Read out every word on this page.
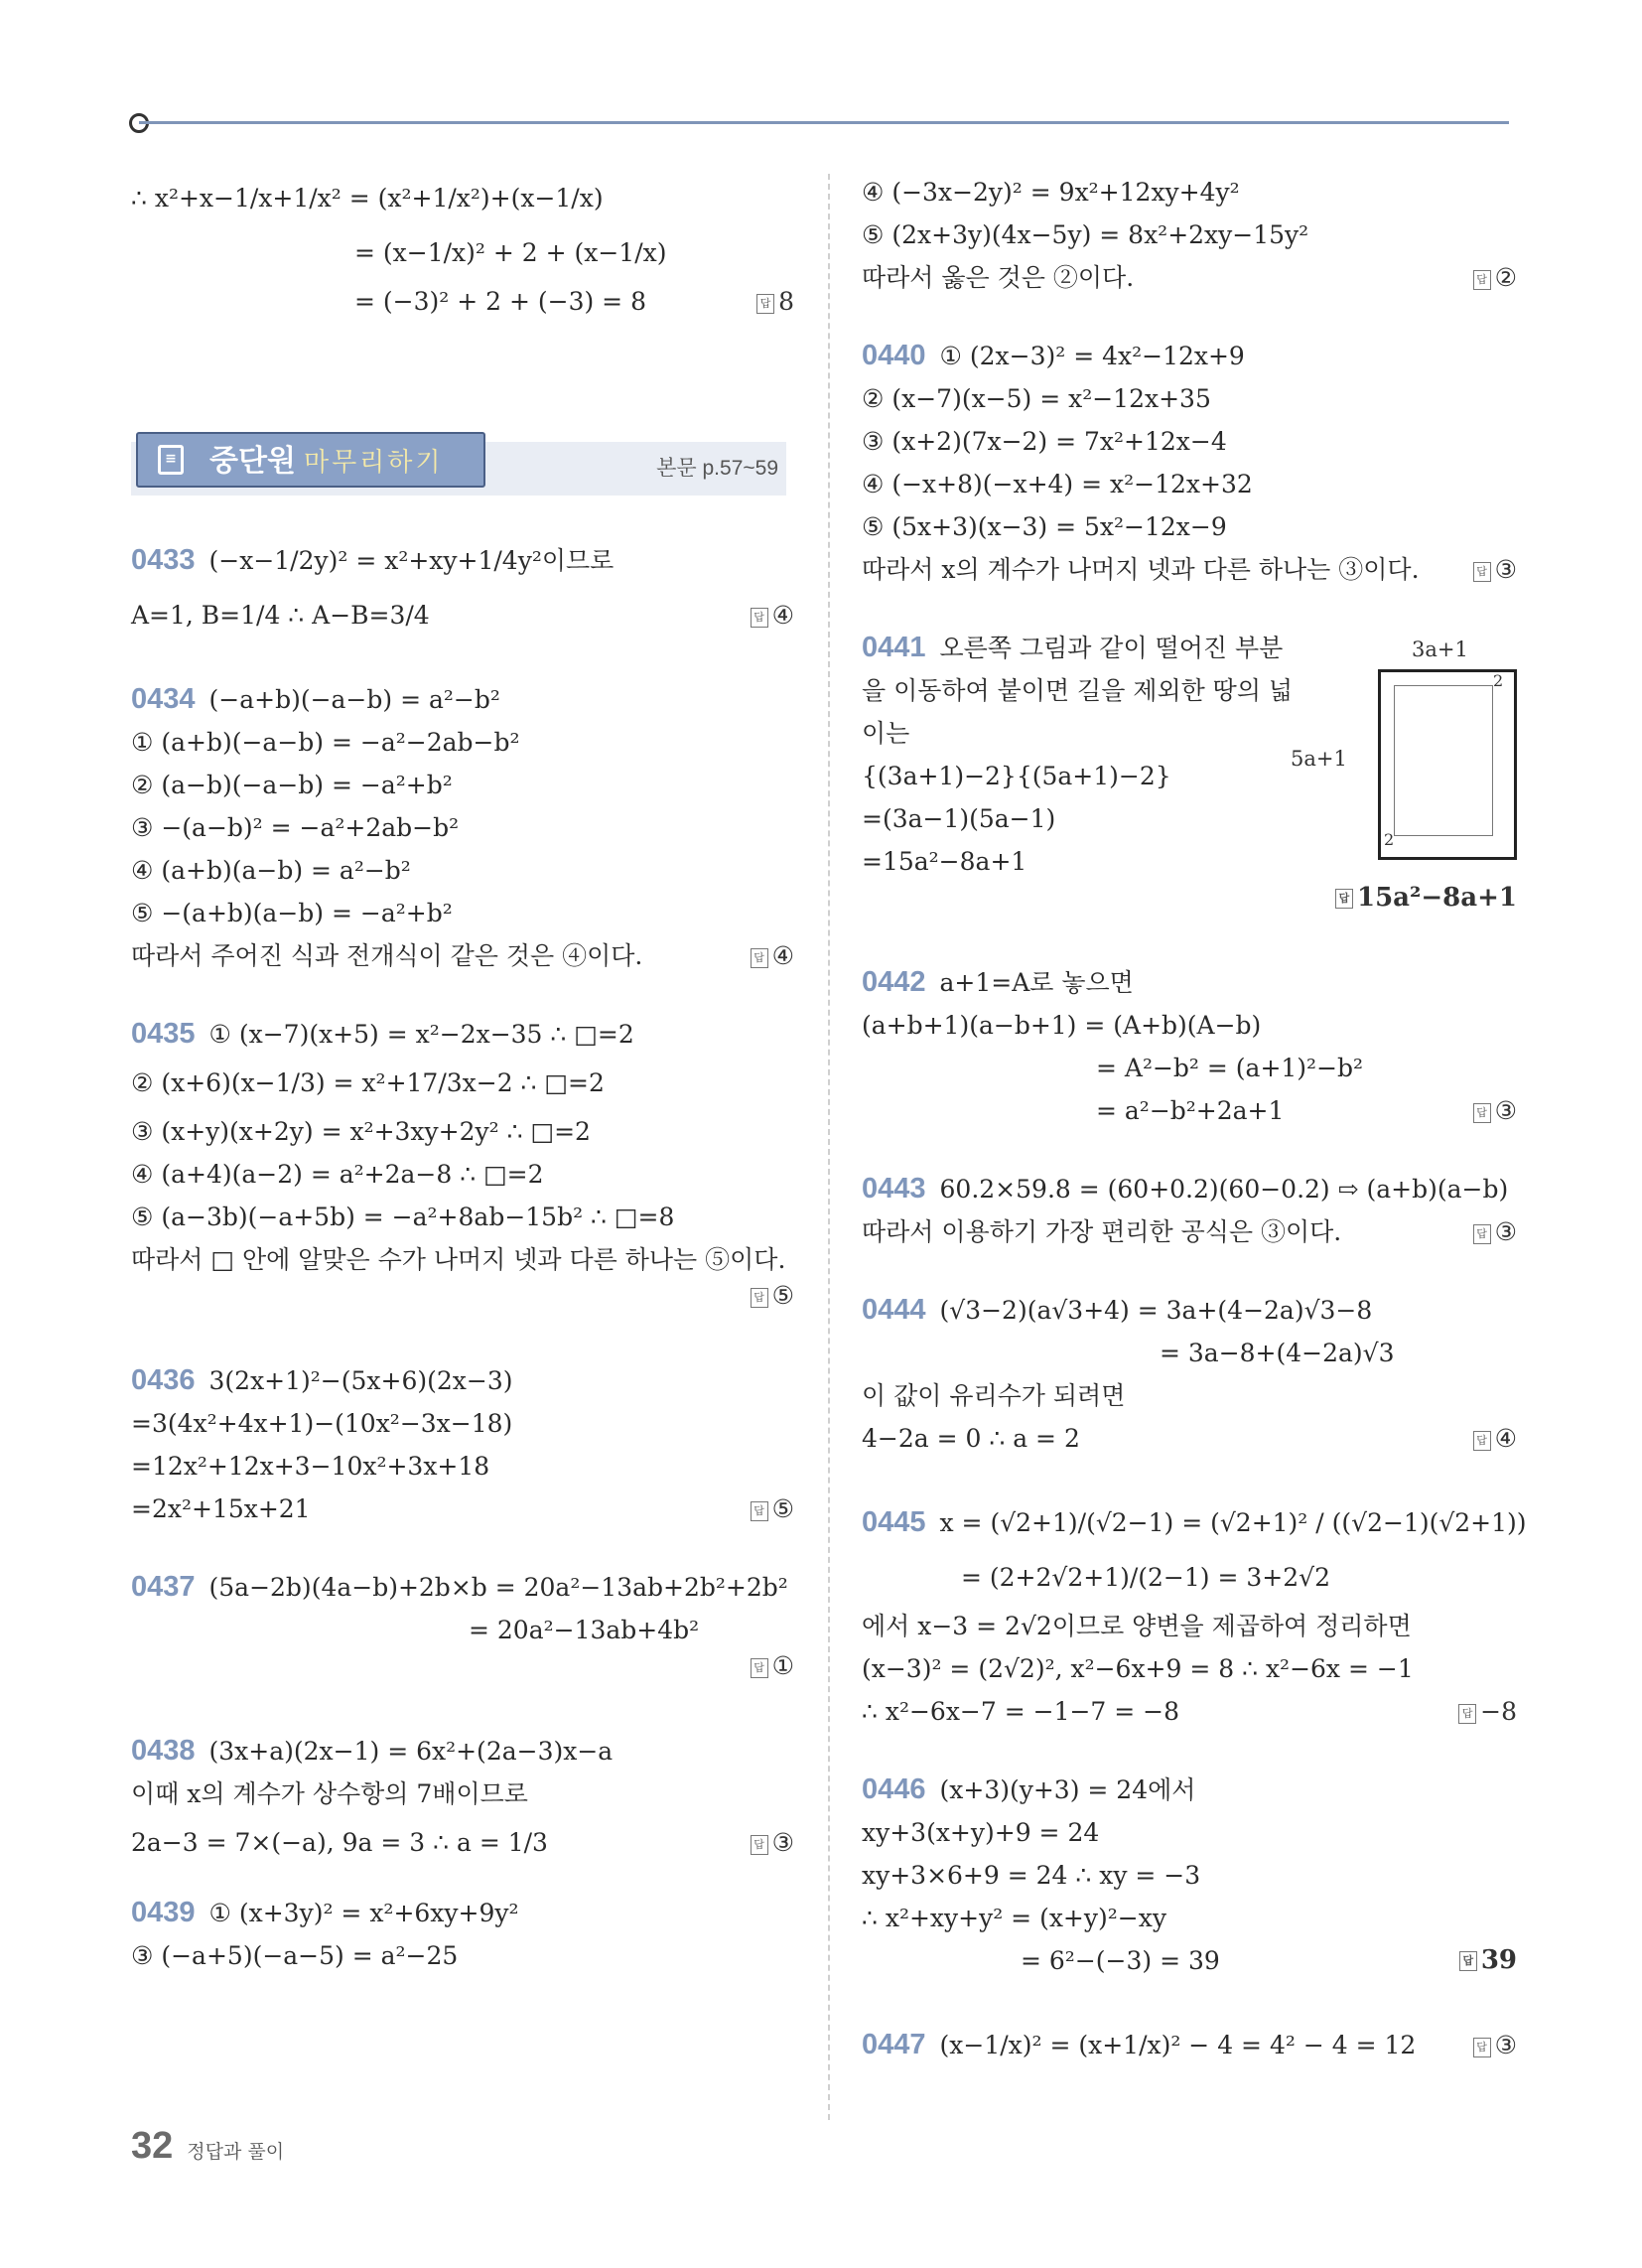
∴ x²+x−1/x+1/x² = (x²+1/x²)+(x−1/x)
= (x−1/x)² + 2 + (x−1/x)
= (−3)² + 2 + (−3) = 8	답 8
≡ 중단원 마무리하기	본문 p.57~59
0433 (−x−1/2y)² = x²+xy+1/4y²이므로
A=1, B=1/4 ∴ A−B=3/4	답 ④
0434 (−a+b)(−a−b) = a²−b²
① (a+b)(−a−b) = −a²−2ab−b²
② (a−b)(−a−b) = −a²+b²
③ −(a−b)² = −a²+2ab−b²
④ (a+b)(a−b) = a²−b²
⑤ −(a+b)(a−b) = −a²+b²
따라서 주어진 식과 전개식이 같은 것은 ④이다.	답 ④
0435 ① (x−7)(x+5) = x²−2x−35 ∴ □=2
② (x+6)(x−1/3) = x²+17/3x−2 ∴ □=2
③ (x+y)(x+2y) = x²+3xy+2y² ∴ □=2
④ (a+4)(a−2) = a²+2a−8 ∴ □=2
⑤ (a−3b)(−a+5b) = −a²+8ab−15b² ∴ □=8
따라서 □ 안에 알맞은 수가 나머지 넷과 다른 하나는 ⑤이다.
답 ⑤
0436 3(2x+1)²−(5x+6)(2x−3)
=3(4x²+4x+1)−(10x²−3x−18)
=12x²+12x+3−10x²+3x+18
=2x²+15x+21	답 ⑤
0437 (5a−2b)(4a−b)+2b×b = 20a²−13ab+2b²+2b²
= 20a²−13ab+4b²
답 ①
0438 (3x+a)(2x−1) = 6x²+(2a−3)x−a
이때 x의 계수가 상수항의 7배이므로
2a−3 = 7×(−a), 9a = 3 ∴ a = 1/3	답 ③
0439 ① (x+3y)² = x²+6xy+9y²
③ (−a+5)(−a−5) = a²−25
④ (−3x−2y)² = 9x²+12xy+4y²
⑤ (2x+3y)(4x−5y) = 8x²+2xy−15y²
따라서 옳은 것은 ②이다.	답 ②
0440 ① (2x−3)² = 4x²−12x+9
② (x−7)(x−5) = x²−12x+35
③ (x+2)(7x−2) = 7x²+12x−4
④ (−x+8)(−x+4) = x²−12x+32
⑤ (5x+3)(x−3) = 5x²−12x−9
따라서 x의 계수가 나머지 넷과 다른 하나는 ③이다.	답 ③
0441 오른쪽 그림과 같이 떨어진 부분
을 이동하여 붙이면 길을 제외한 땅의 넓
이는
{(3a+1)−2}{(5a+1)−2}
=(3a−1)(5a−1)
=15a²−8a+1
답 15a²−8a+1
0442 a+1=A로 놓으면
(a+b+1)(a−b+1) = (A+b)(A−b)
= A²−b² = (a+1)²−b²
= a²−b²+2a+1	답 ③
0443 60.2×59.8 = (60+0.2)(60−0.2) ⇨ (a+b)(a−b)
따라서 이용하기 가장 편리한 공식은 ③이다.	답 ③
0444 (√3−2)(a√3+4) = 3a+(4−2a)√3−8
= 3a−8+(4−2a)√3
이 값이 유리수가 되려면
4−2a = 0 ∴ a = 2	답 ④
0445 x = (√2+1)/(√2−1) = (√2+1)² / ((√2−1)(√2+1))
= (2+2√2+1)/(2−1) = 3+2√2
에서 x−3 = 2√2이므로 양변을 제곱하여 정리하면
(x−3)² = (2√2)², x²−6x+9 = 8 ∴ x²−6x = −1
∴ x²−6x−7 = −1−7 = −8	답 −8
0446 (x+3)(y+3) = 24에서
xy+3(x+y)+9 = 24
xy+3×6+9 = 24 ∴ xy = −3
∴ x²+xy+y² = (x+y)²−xy
= 6²−(−3) = 39	답 39
0447 (x−1/x)² = (x+1/x)² − 4 = 4² − 4 = 12	답 ③
3a+1
5a+1
2
2
32 정답과 풀이
